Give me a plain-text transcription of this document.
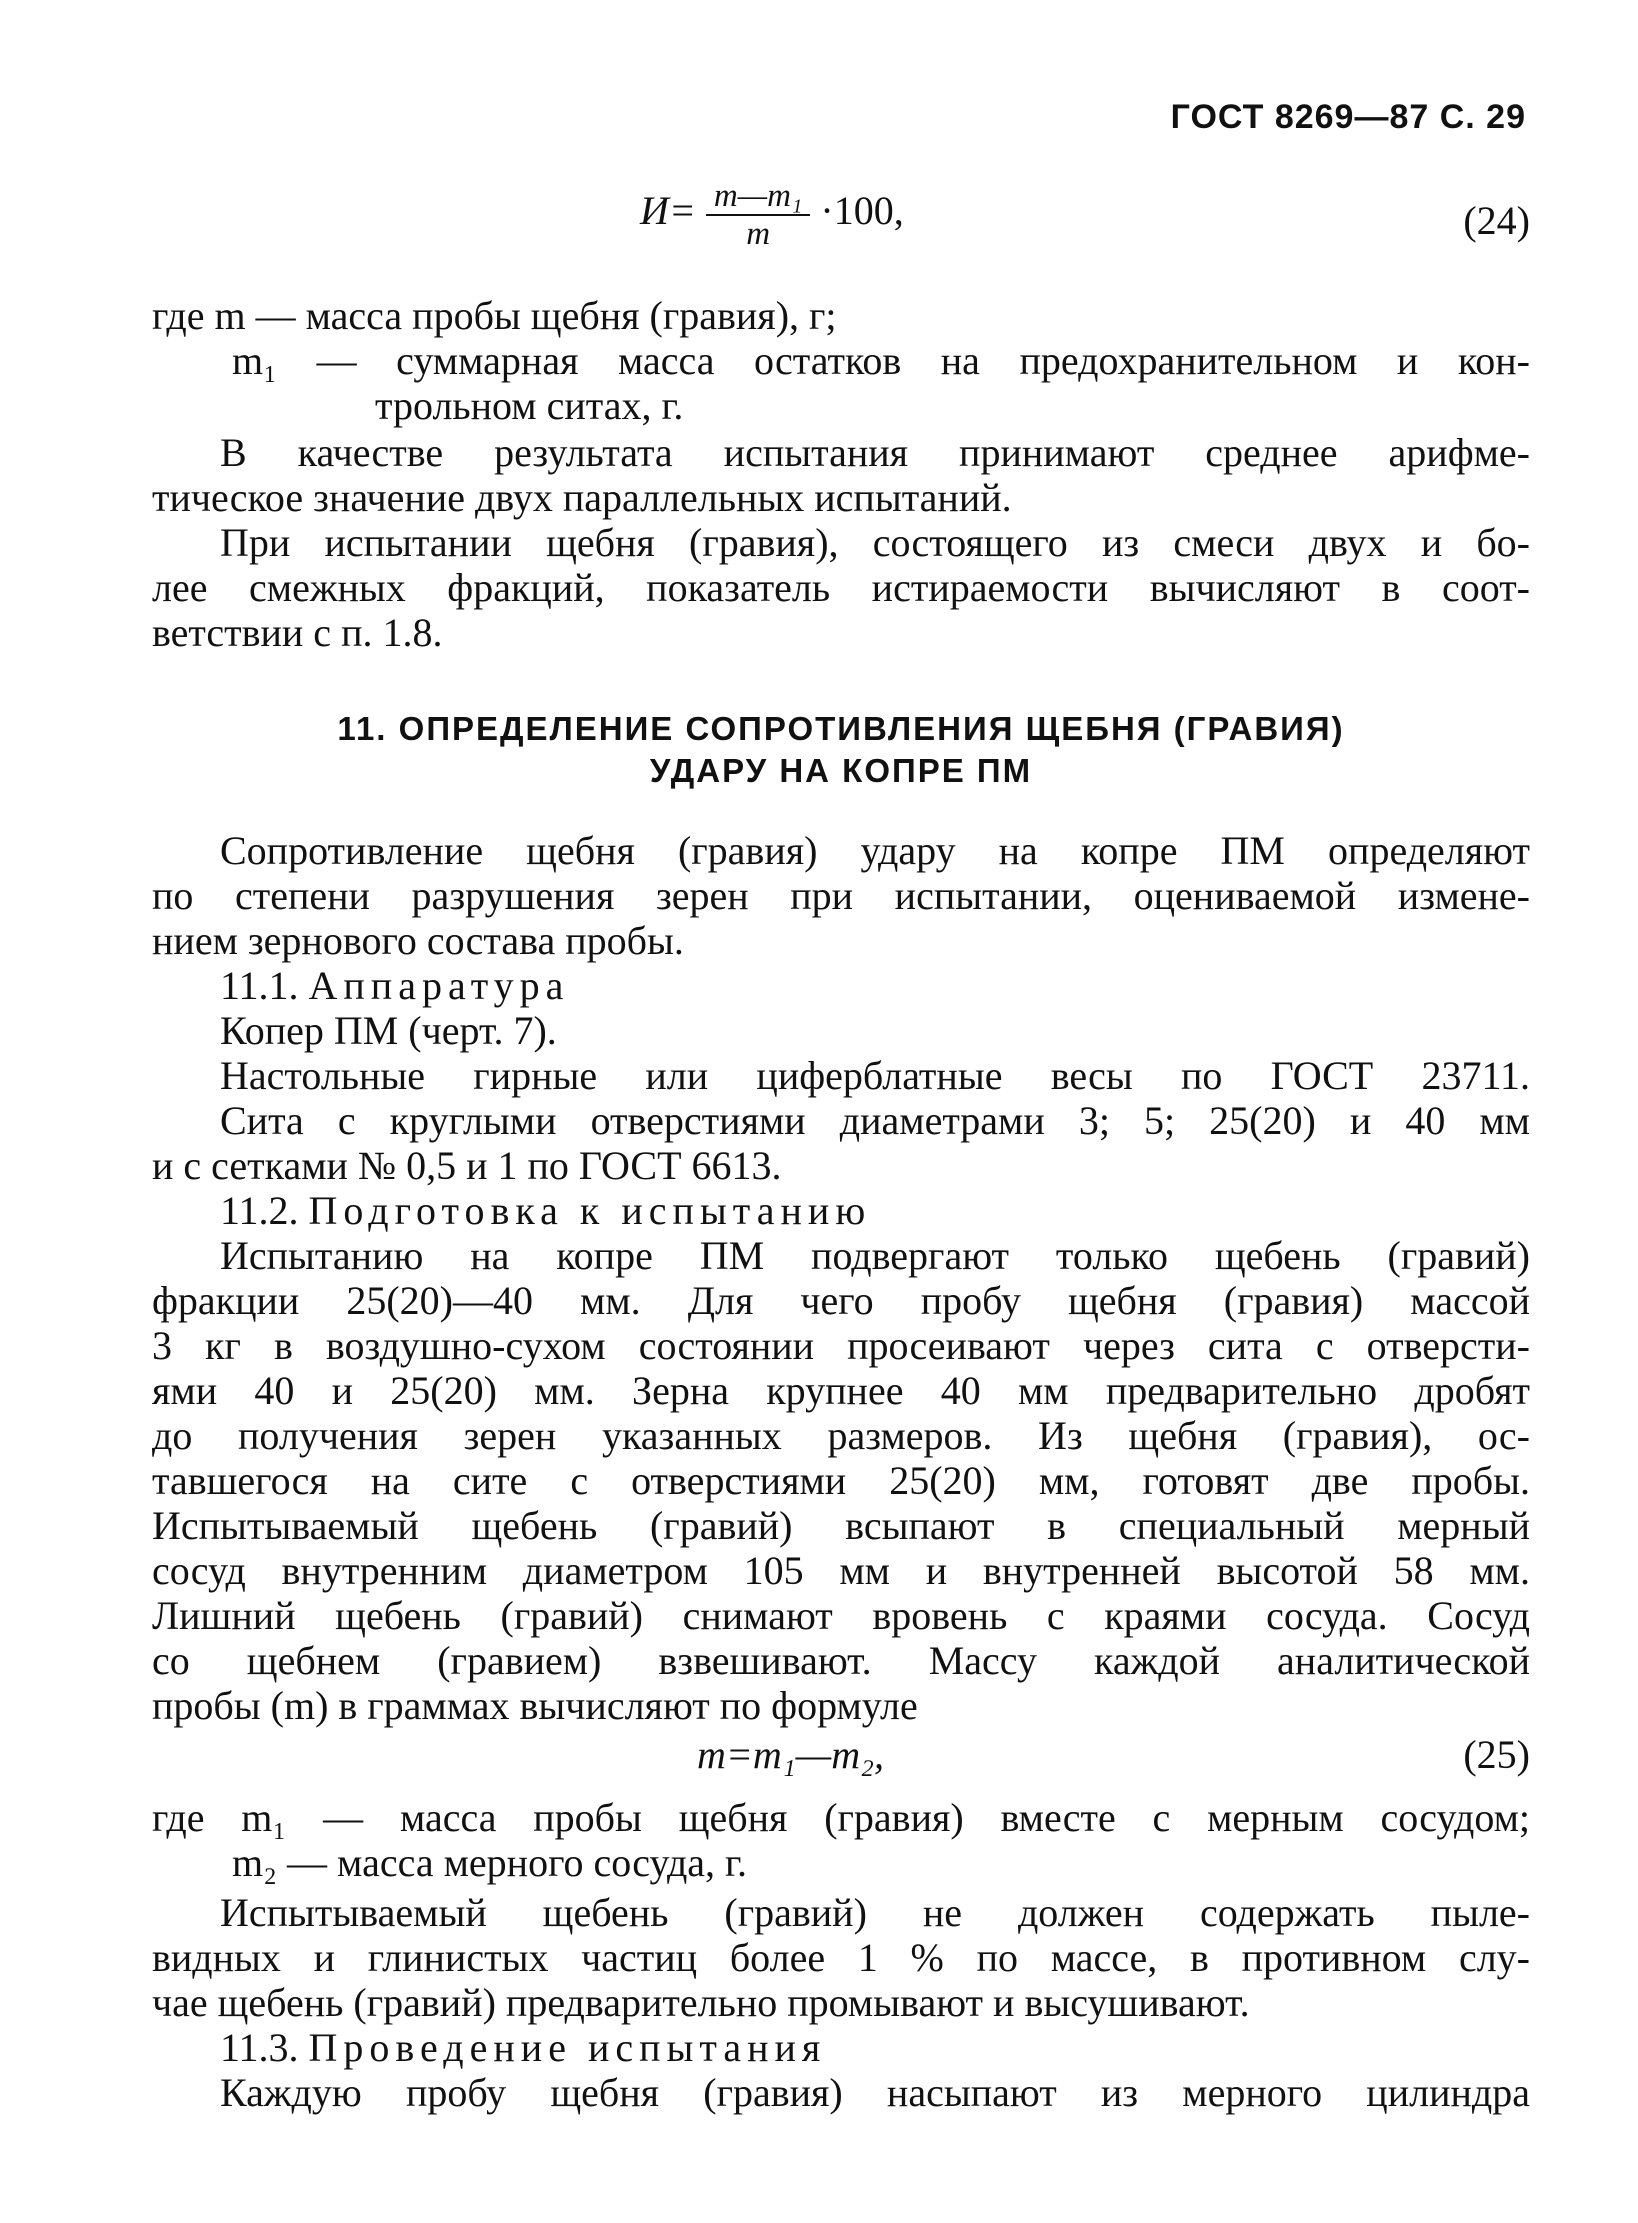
ГОСТ 8269—87 С. 29
$И= \frac{\text{m—m₁}}{m} \cdot 100$,	(24)
где m — масса пробы щебня (гравия), г;
m₁ — суммарная масса остатков на предохранительном и кон-
трольном ситах, г.
В качестве результата испытания принимают среднее арифме-
тическое значение двух параллельных испытаний.
При испытании щебня (гравия), состоящего из смеси двух и бо-
лее смежных фракций, показатель истираемости вычисляют в соот-
ветствии с п. 1.8.
11. ОПРЕДЕЛЕНИЕ СОПРОТИВЛЕНИЯ ЩЕБНЯ (ГРАВИЯ)
УДАРУ НА КОПРЕ ПМ
Сопротивление щебня (гравия) удару на копре ПМ определяют
по степени разрушения зерен при испытании, оцениваемой измене-
нием зернового состава пробы.
11.1. Аппаратура
Копер ПМ (черт. 7).
Настольные гирные или циферблатные весы по ГОСТ 23711.
Сита с круглыми отверстиями диаметрами 3; 5; 25(20) и 40 мм
и с сетками № 0,5 и 1 по ГОСТ 6613.
11.2. Подготовка к испытанию
Испытанию на копре ПМ подвергают только щебень (гравий)
фракции 25(20)—40 мм. Для чего пробу щебня (гравия) массой
3 кг в воздушно-сухом состоянии просеивают через сита с отверсти-
ями 40 и 25(20) мм. Зерна крупнее 40 мм предварительно дробят
до получения зерен указанных размеров. Из щебня (гравия), ос-
тавшегося на сите с отверстиями 25(20) мм, готовят две пробы.
Испытываемый щебень (гравий) всыпают в специальный мерный
сосуд внутренним диаметром 105 мм и внутренней высотой 58 мм.
Лишний щебень (гравий) снимают вровень с краями сосуда. Сосуд
со щебнем (гравием) взвешивают. Массу каждой аналитической
пробы (m) в граммах вычисляют по формуле
m=m₁—m₂,	(25)
где m₁ — масса пробы щебня (гравия) вместе с мерным сосудом;
m₂ — масса мерного сосуда, г.
Испытываемый щебень (гравий) не должен содержать пыле-
видных и глинистых частиц более 1 % по массе, в противном слу-
чае щебень (гравий) предварительно промывают и высушивают.
11.3. Проведение испытания
Каждую пробу щебня (гравия) насыпают из мерного цилиндра
